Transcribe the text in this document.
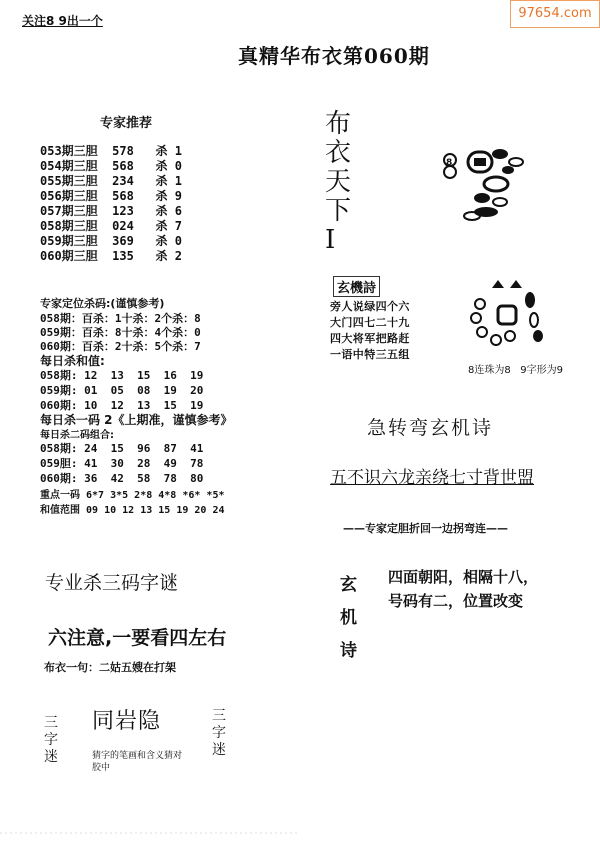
97654.com
关注8 9出一个
真精华布衣第060期
专家推荐
053期三胆 578 杀 1
054期三胆 568 杀 0
055期三胆 234 杀 1
056期三胆 568 杀 9
057期三胆 123 杀 6
058期三胆 024 杀 7
059期三胆 369 杀 0
060期三胆 135 杀 2
专家定位杀码:(谨慎参考)
058期：百杀：1十杀：2个杀：8
059期：百杀：8十杀：4个杀：0
060期：百杀：2十杀：5个杀：7
每日杀和值:
058期: 12  13  15  16  19
059期: 01  05  08  19  20
060期: 10  12  13  15  19
每日杀一码 2《上期准，谨慎参考》
每日杀二码组合:
058期: 24  15  96  87  41
059胆: 41  30  28  49  78
060期: 36  42  58  78  80
重点一码 6*7 3*5 2*8 4*8 *6* *5*
和值范围 09 10 12 13 15 19 20 24
布
衣
天
下
I
8
玄機詩
旁人说绿四个六
大门四七二十九
四大将军把路赶
一语中特三五组
8连珠为8   9字形为9
急转弯玄机诗
五不识六龙亲绕七寸背世盟
——专家定胆折回一边拐弯连——
玄
机
诗
四面朝阳，相隔十八，
号码有二，位置改变
专业杀三码字谜
六注意,一要看四左右
布衣一句：二姑五嫂在打架
三
字
迷
三
字
迷
同岩隐
猜字的笔画和含义猜对胶中
